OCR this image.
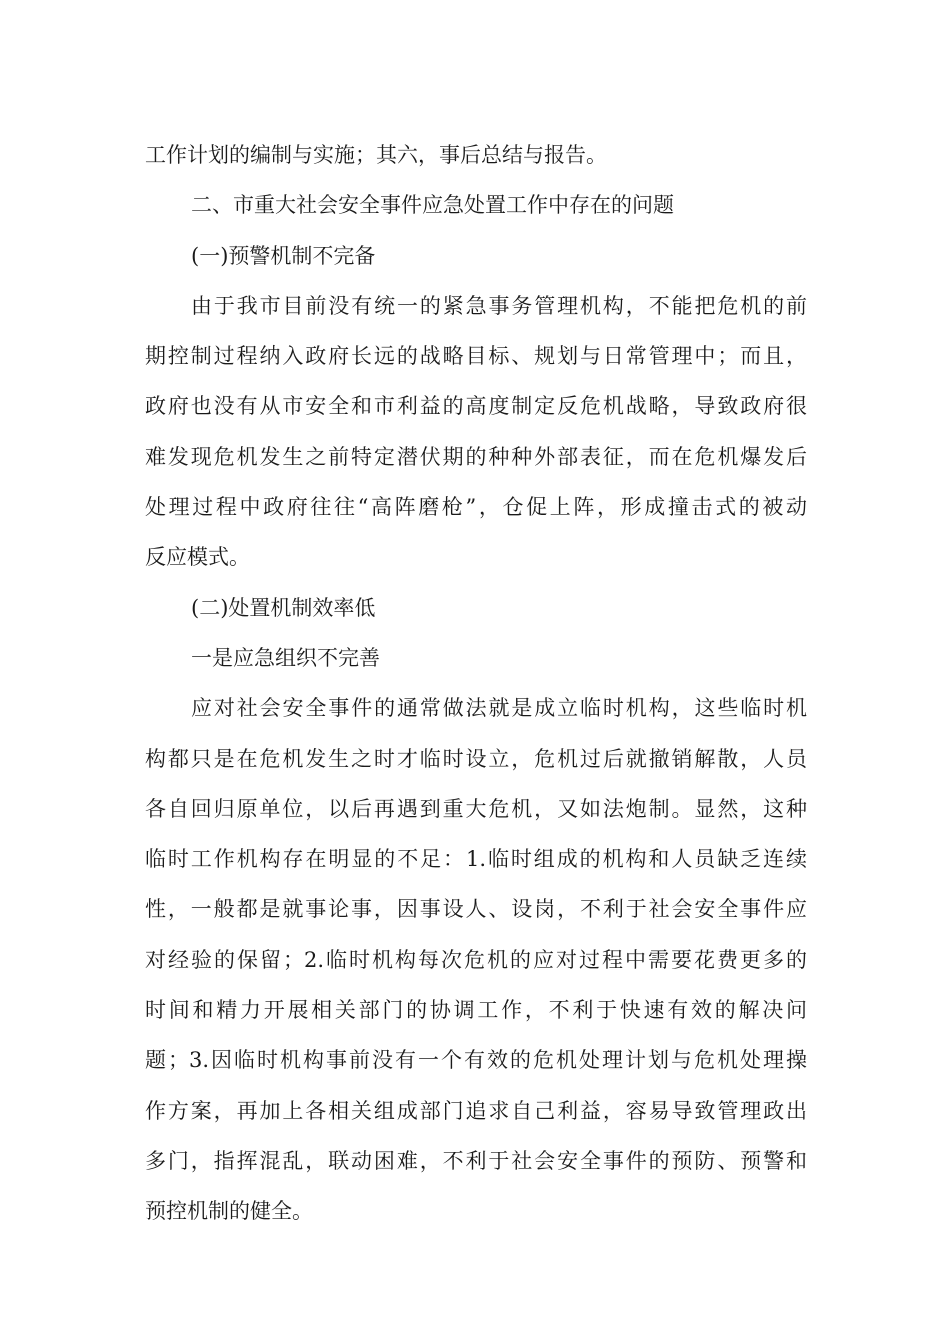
工作计划的编制与实施；其六，事后总结与报告。
二、市重大社会安全事件应急处置工作中存在的问题
(一)预警机制不完备
由于我市目前没有统一的紧急事务管理机构，不能把危机的前
期控制过程纳入政府长远的战略目标、规划与日常管理中；而且，
政府也没有从市安全和市利益的高度制定反危机战略，导致政府很
难发现危机发生之前特定潜伏期的种种外部表征，而在危机爆发后
处理过程中政府往往“高阵磨枪”，仓促上阵，形成撞击式的被动
反应模式。
(二)处置机制效率低
一是应急组织不完善
应对社会安全事件的通常做法就是成立临时机构，这些临时机
构都只是在危机发生之时才临时设立，危机过后就撤销解散，人员
各自回归原单位，以后再遇到重大危机，又如法炮制。显然，这种
临时工作机构存在明显的不足：1.临时组成的机构和人员缺乏连续
性，一般都是就事论事，因事设人、设岗，不利于社会安全事件应
对经验的保留；2.临时机构每次危机的应对过程中需要花费更多的
时间和精力开展相关部门的协调工作，不利于快速有效的解决问
题；3.因临时机构事前没有一个有效的危机处理计划与危机处理操
作方案，再加上各相关组成部门追求自己利益，容易导致管理政出
多门，指挥混乱，联动困难，不利于社会安全事件的预防、预警和
预控机制的健全。
